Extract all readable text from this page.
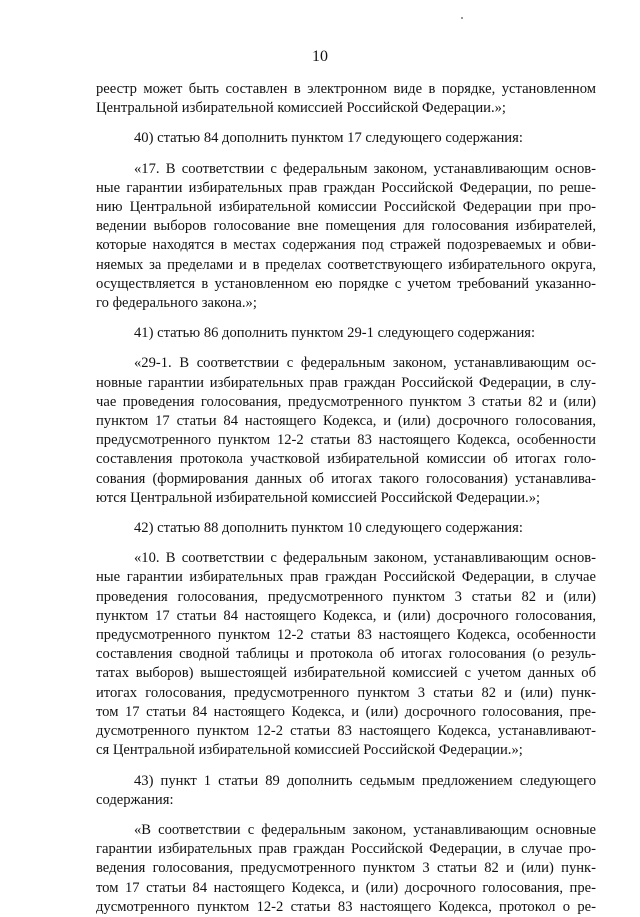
10
реестр может быть составлен в электронном виде в порядке, установленном
Центральной избирательной комиссией Российской Федерации.»;
40) статью 84 дополнить пунктом 17 следующего содержания:
«17. В соответствии с федеральным законом, устанавливающим основ-
ные гарантии избирательных прав граждан Российской Федерации, по реше-
нию Центральной избирательной комиссии Российской Федерации при про-
ведении выборов голосование вне помещения для голосования избирателей,
которые находятся в местах содержания под стражей подозреваемых и обви-
няемых за пределами и в пределах соответствующего избирательного округа,
осуществляется в установленном ею порядке с учетом требований указанно-
го федерального закона.»;
41) статью 86 дополнить пунктом 29-1 следующего содержания:
«29-1. В соответствии с федеральным законом, устанавливающим ос-
новные гарантии избирательных прав граждан Российской Федерации, в слу-
чае проведения голосования, предусмотренного пунктом 3 статьи 82 и (или)
пунктом 17 статьи 84 настоящего Кодекса, и (или) досрочного голосования,
предусмотренного пунктом 12-2 статьи 83 настоящего Кодекса, особенности
составления протокола участковой избирательной комиссии об итогах голо-
сования (формирования данных об итогах такого голосования) устанавлива-
ются Центральной избирательной комиссией Российской Федерации.»;
42) статью 88 дополнить пунктом 10 следующего содержания:
«10. В соответствии с федеральным законом, устанавливающим основ-
ные гарантии избирательных прав граждан Российской Федерации, в случае
проведения голосования, предусмотренного пунктом 3 статьи 82 и (или)
пунктом 17 статьи 84 настоящего Кодекса, и (или) досрочного голосования,
предусмотренного пунктом 12-2 статьи 83 настоящего Кодекса, особенности
составления сводной таблицы и протокола об итогах голосования (о резуль-
татах выборов) вышестоящей избирательной комиссией с учетом данных об
итогах голосования, предусмотренного пунктом 3 статьи 82 и (или) пунк-
том 17 статьи 84 настоящего Кодекса, и (или) досрочного голосования, пре-
дусмотренного пунктом 12-2 статьи 83 настоящего Кодекса, устанавливают-
ся Центральной избирательной комиссией Российской Федерации.»;
43) пункт 1 статьи 89 дополнить седьмым предложением следующего
содержания:
«В соответствии с федеральным законом, устанавливающим основные
гарантии избирательных прав граждан Российской Федерации, в случае про-
ведения голосования, предусмотренного пунктом 3 статьи 82 и (или) пунк-
том 17 статьи 84 настоящего Кодекса, и (или) досрочного голосования, пре-
дусмотренного пунктом 12-2 статьи 83 настоящего Кодекса, протокол о ре-
